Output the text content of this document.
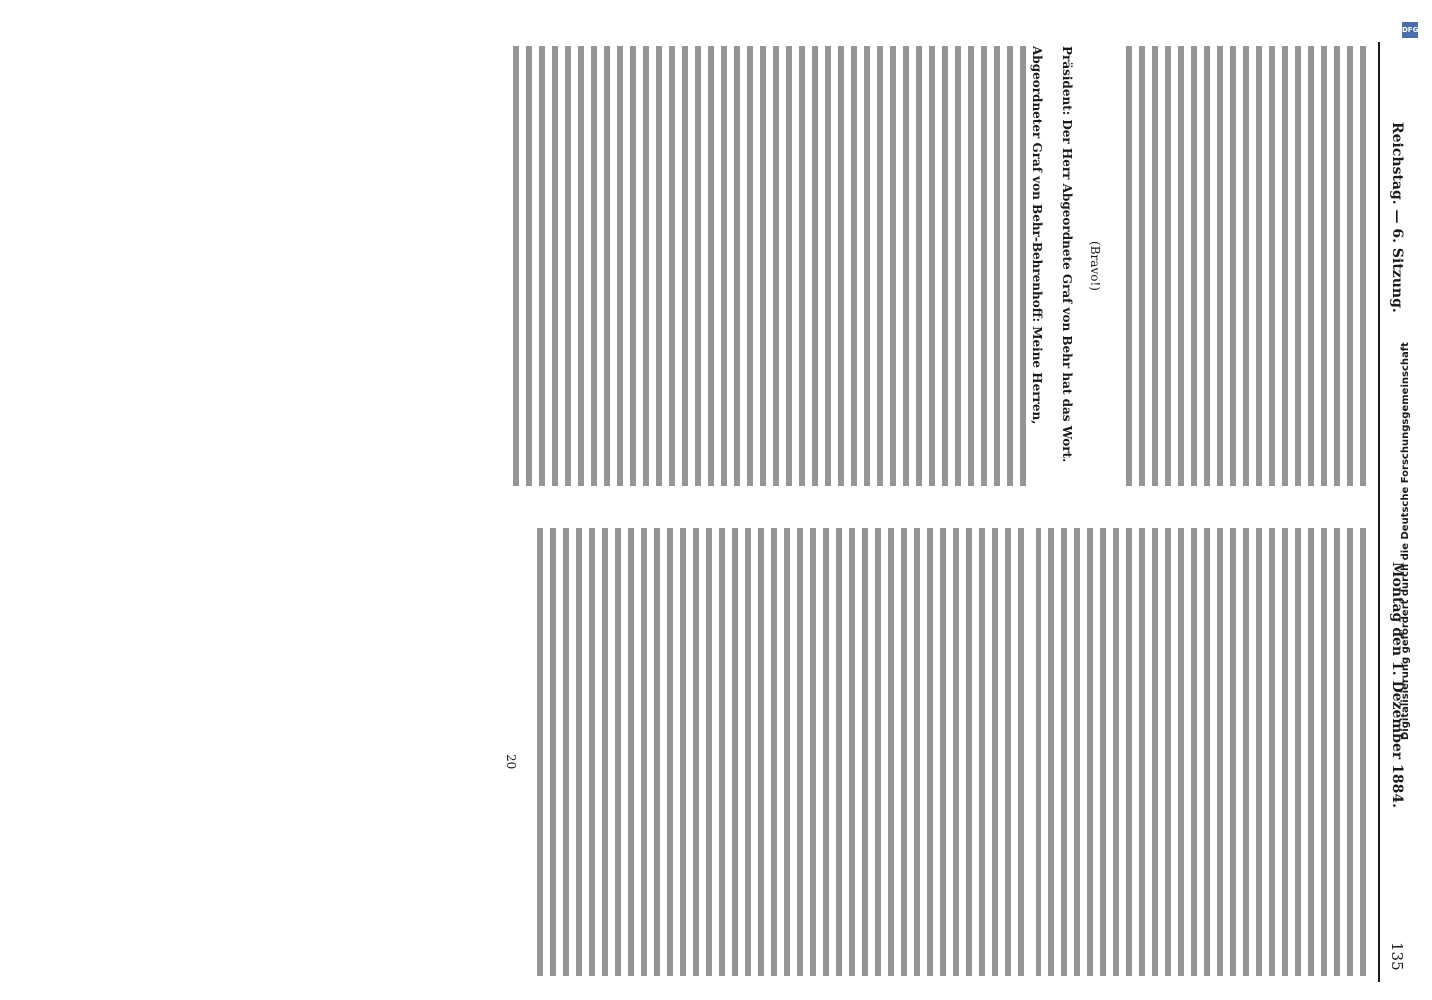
Reichstag. — 6. Sitzung.
Montag den 1. Dezember 1884.
135
(Bravo!)
Präsident: Der Herr Abgeordnete Graf von Behr hat das Wort.
Abgeordneter Graf von Behr-Behrenhoff: Meine Herren,
20
Digitalisierung gefördert durch die Deutsche Forschungsgemeinschaft
DFG
